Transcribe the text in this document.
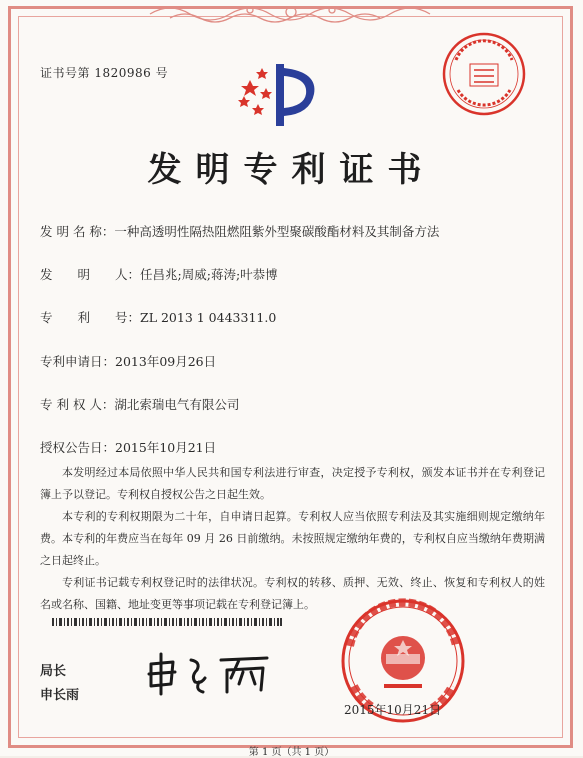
证书号第 1820986 号
发明专利证书
发 明 名 称：一种高透明性隔热阻燃阻紫外型聚碳酸酯材料及其制备方法
发　　明　　人：任昌兆;周威;蒋涛;叶恭博
专　　利　　号：ZL 2013 1 0443311.0
专利申请日：2013年09月26日
专 利 权 人：湖北索瑞电气有限公司
授权公告日：2015年10月21日

本发明经过本局依照中华人民共和国专利法进行审查，决定授予专利权，颁发本证书并在专利登记簿上予以登记。专利权自授权公告之日起生效。

本专利的专利权期限为二十年，自申请日起算。专利权人应当依照专利法及其实施细则规定缴纳年费。本专利的年费应当在每年 09 月 26 日前缴纳。未按照规定缴纳年费的，专利权自应当缴纳年费期满之日起终止。

专利证书记载专利权登记时的法律状况。专利权的转移、质押、无效、终止、恢复和专利权人的姓名或名称、国籍、地址变更等事项记载在专利登记簿上。

局长
申长雨
2015年10月21日
第 1 页（共 1 页）
